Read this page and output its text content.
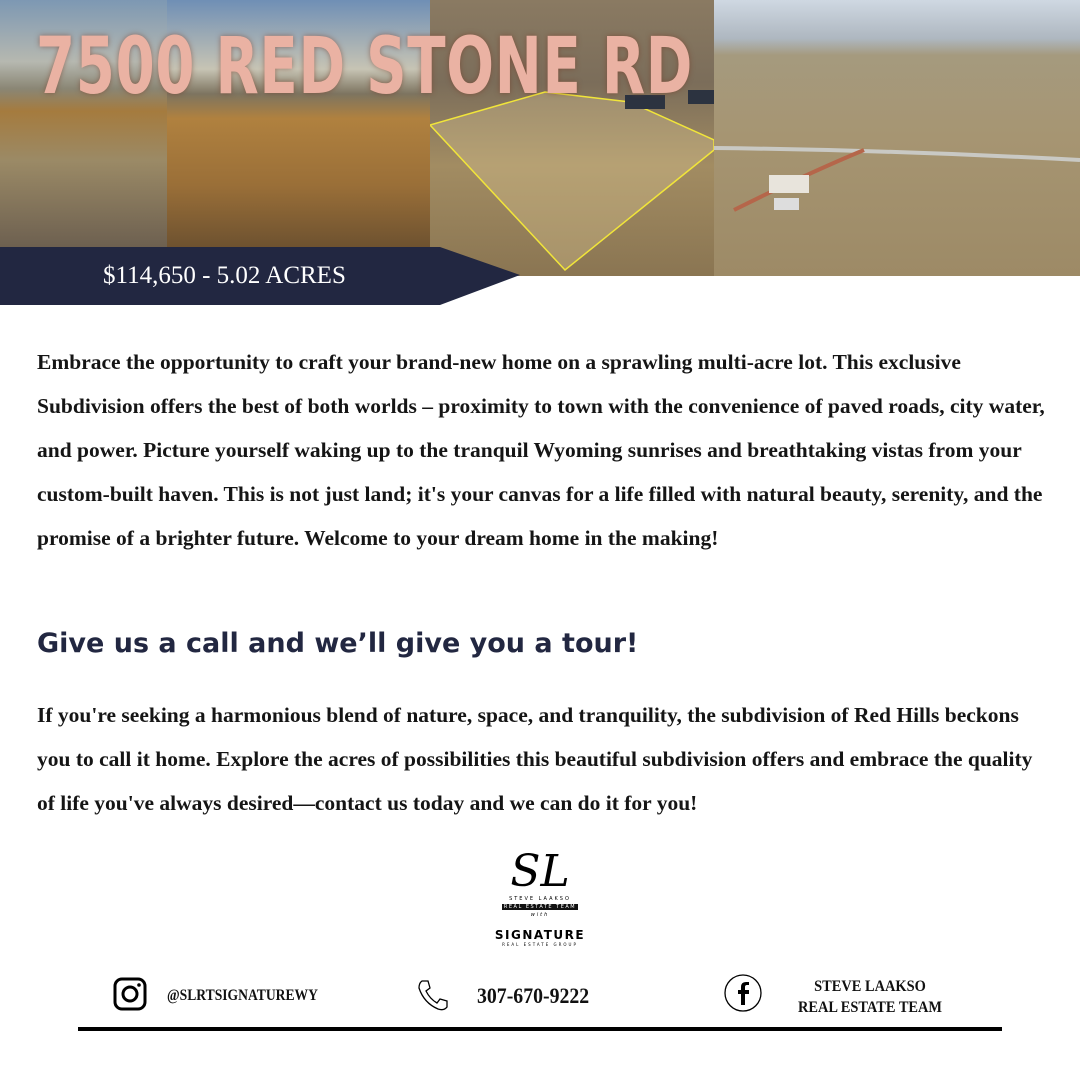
7500 RED STONE RD
$114,650 - 5.02 ACRES

Embrace the opportunity to craft your brand-new home on a sprawling multi-acre lot. This exclusive Subdivision offers the best of both worlds – proximity to town with the convenience of paved roads, city water, and power. Picture yourself waking up to the tranquil Wyoming sunrises and breathtaking vistas from your custom-built haven. This is not just land; it's your canvas for a life filled with natural beauty, serenity, and the promise of a brighter future. Welcome to your dream home in the making!

Give us a call and we’ll give you a tour!

If you're seeking a harmonious blend of nature, space, and tranquility, the subdivision of Red Hills beckons you to call it home. Explore the acres of possibilities this beautiful subdivision offers and embrace the quality of life you've always desired—contact us today and we can do it for you!

SL
STEVE LAAKSO
REAL ESTATE TEAM
with
SIGNATURE
REAL ESTATE GROUP
@SLRTSIGNATUREWY	307-670-9222	STEVE LAAKSO
REAL ESTATE TEAM
